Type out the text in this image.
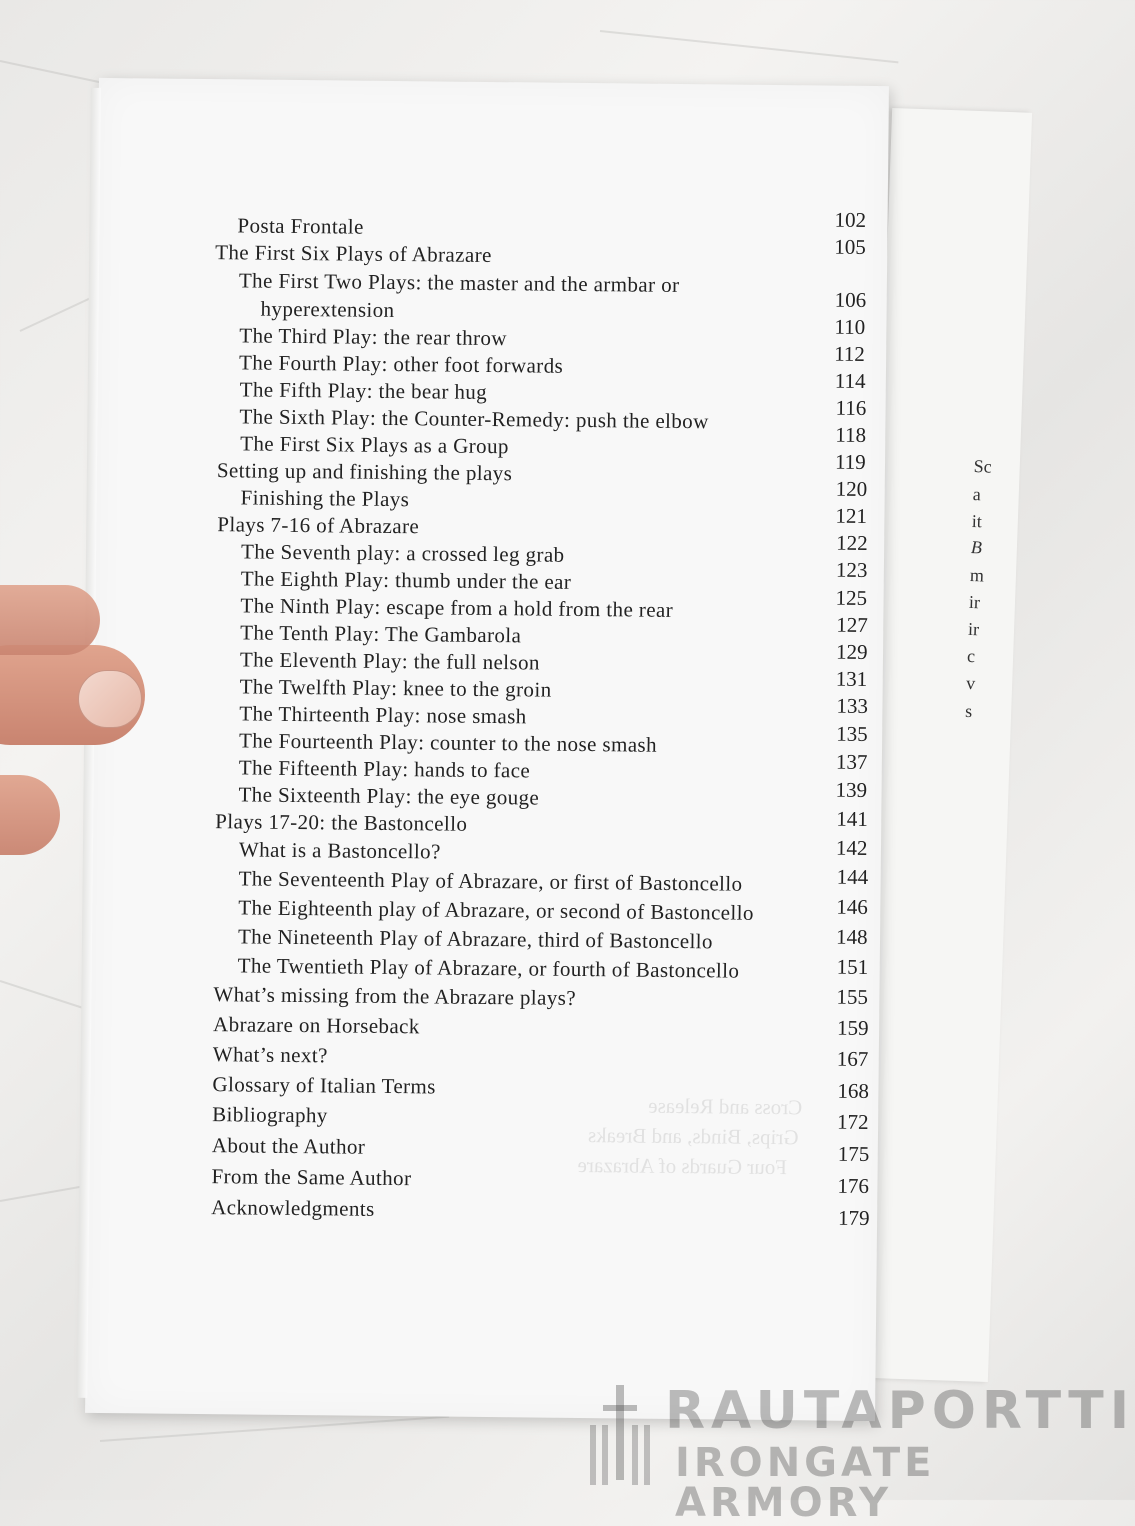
Sc
a
it
B
m
ir
ir
c
v
s
Cross and Release
Grips, Binds, and Breaks
Four Guards of Abrazare
Posta Frontale	102
The First Six Plays of Abrazare	105
The First Two Plays: the master and the armbar or
hyperextension	106
The Third Play: the rear throw	110
The Fourth Play: other foot forwards	112
The Fifth Play: the bear hug	114
The Sixth Play: the Counter-Remedy: push the elbow	116
The First Six Plays as a Group	118
Setting up and finishing the plays	119
Finishing the Plays	120
Plays 7-16 of Abrazare	121
The Seventh play: a crossed leg grab	122
The Eighth Play: thumb under the ear	123
The Ninth Play: escape from a hold from the rear	125
The Tenth Play: The Gambarola	127
The Eleventh Play: the full nelson	129
The Twelfth Play: knee to the groin	131
The Thirteenth Play: nose smash	133
The Fourteenth Play: counter to the nose smash	135
The Fifteenth Play: hands to face	137
The Sixteenth Play: the eye gouge	139
Plays 17-20: the Bastoncello	141
What is a Bastoncello?	142
The Seventeenth Play of Abrazare, or first of Bastoncello	144
The Eighteenth play of Abrazare, or second of Bastoncello	146
The Nineteenth Play of Abrazare, third of Bastoncello	148
The Twentieth Play of Abrazare, or fourth of Bastoncello	151
What’s missing from the Abrazare plays?	155
Abrazare on Horseback	159
What’s next?	167
Glossary of Italian Terms	168
Bibliography	172
About the Author	175
From the Same Author	176
Acknowledgments	179
RAUTAPORTTI
IRONGATE ARMORY
